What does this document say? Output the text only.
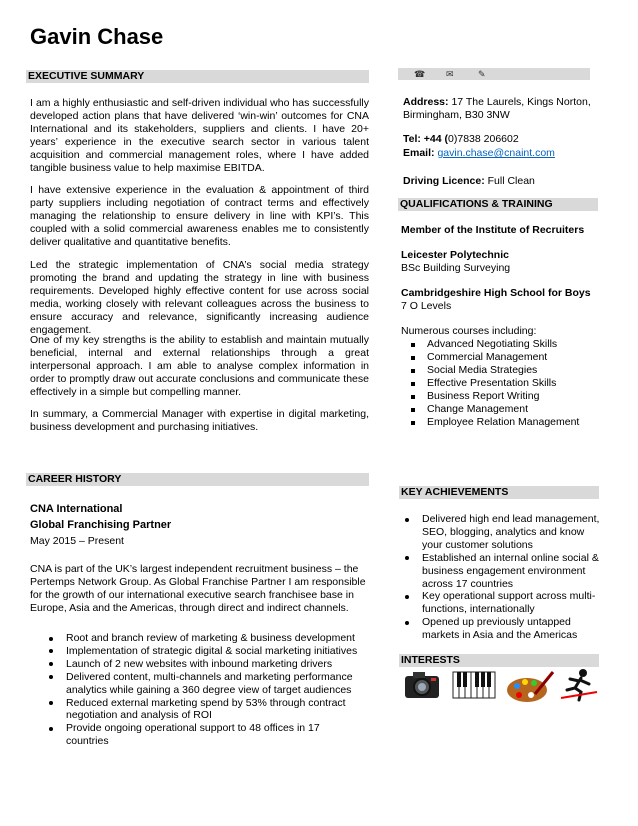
Gavin Chase
EXECUTIVE SUMMARY
I am a highly enthusiastic and self-driven individual who has successfully developed action plans that have delivered ‘win-win’ outcomes for CNA International and its stakeholders, suppliers and clients. I have 20+ years’ experience in the executive search sector in various talent acquisition and commercial management roles, where I have added tangible business value to help maximise EBITDA.
I have extensive experience in the evaluation & appointment of third party suppliers including negotiation of contract terms and effectively managing the relationship to ensure delivery in line with KPI’s. This coupled with a solid commercial awareness enables me to consistently deliver qualitative and quantitative benefits.
Led the strategic implementation of CNA’s social media strategy promoting the brand and updating the strategy in line with business requirements. Developed highly effective content for use across social media, working closely with relevant colleagues across the business to ensure accuracy and relevance, significantly increasing audience engagement.
One of my key strengths is the ability to establish and maintain mutually beneficial, internal and external relationships through a great interpersonal approach. I am able to analyse complex information in order to promptly draw out accurate conclusions and communicate these effectively in a simple but compelling manner.
In summary, a Commercial Manager with expertise in digital marketing, business development and purchasing initiatives.
☎ ✉	✎
Address: 17 The Laurels, Kings Norton,
Birmingham, B30 3NW
Tel: +44 (0)7838 206602
Email: gavin.chase@cnaint.com
Driving Licence: Full Clean
QUALIFICATIONS & TRAINING
Member of the Institute of Recruiters
Leicester Polytechnic
BSc Building Surveying
Cambridgeshire High School for Boys
7 O Levels
Numerous courses including:
Advanced Negotiating Skills
Commercial Management
Social Media Strategies
Effective Presentation Skills
Business Report Writing
Change Management
Employee Relation Management
CAREER HISTORY
CNA International
Global Franchising Partner
May 2015 – Present
CNA is part of the UK’s largest independent recruitment business – the Pertemps Network Group. As Global Franchise Partner I am responsible for the growth of our international executive search franchisee base in Europe, Asia and the Americas, through direct and indirect channels.
Root and branch review of marketing & business development
Implementation of strategic digital & social marketing initiatives
Launch of 2 new websites with inbound marketing drivers
Delivered content, multi-channels and marketing performance analytics while gaining a 360 degree view of target audiences
Reduced external marketing spend by 53% through contract negotiation and analysis of ROI
Provide ongoing operational support to 48 offices in 17 countries
KEY ACHIEVEMENTS
Delivered high end lead management, SEO, blogging, analytics and know your customer solutions
Established an internal online social & business engagement environment across 17 countries
Key operational support across multi-functions, internationally
Opened up previously untapped markets in Asia and the Americas
INTERESTS
